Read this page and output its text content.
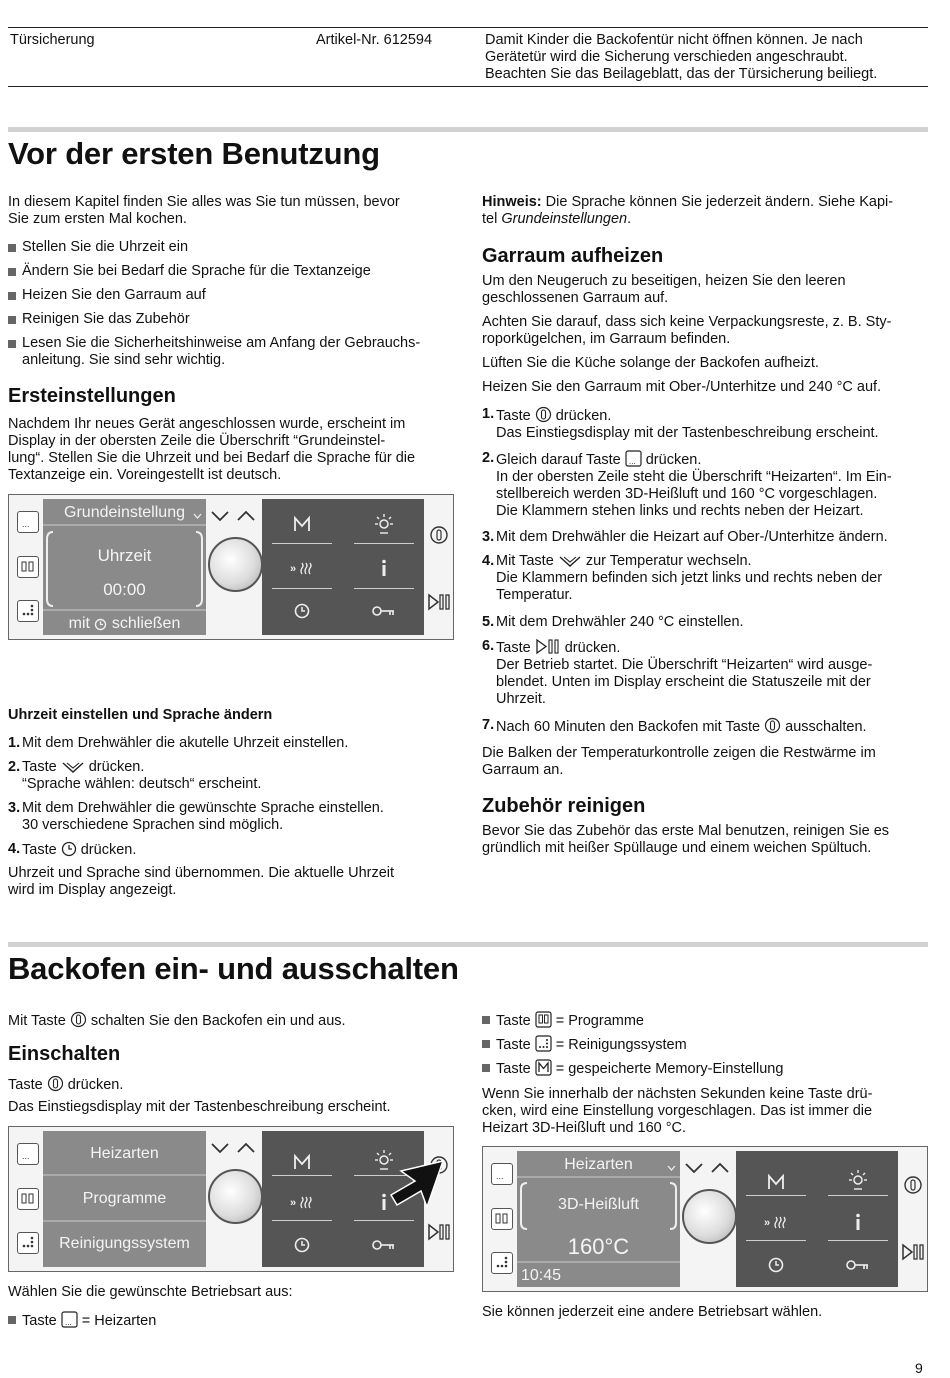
Türsicherung	Artikel-Nr. 612594	Damit Kinder die Backofentür nicht öffnen können. Je nach
Gerätetür wird die Sicherung verschieden angeschraubt.
Beachten Sie das Beilageblatt, das der Türsicherung beiliegt.
Vor der ersten Benutzung
In diesem Kapitel finden Sie alles was Sie tun müssen, bevor
Sie zum ersten Mal kochen.
Stellen Sie die Uhrzeit ein
Ändern Sie bei Bedarf die Sprache für die Textanzeige
Heizen Sie den Garraum auf
Reinigen Sie das Zubehör
Lesen Sie die Sicherheitshinweise am Anfang der Gebrauchs-
anleitung. Sie sind sehr wichtig.
Ersteinstellungen
Nachdem Ihr neues Gerät angeschlossen wurde, erscheint im
Display in der obersten Zeile die Überschrift “Grundeinstel-
lung“. Stellen Sie die Uhrzeit und bei Bedarf die Sprache für die
Textanzeige ein. Voreingestellt ist deutsch.
...
Grundeinstellung
Uhrzeit
00:00
mit schließen
»
Uhrzeit einstellen und Sprache ändern
1. Mit dem Drehwähler die akutelle Uhrzeit einstellen.
2. Taste drücken.
“Sprache wählen: deutsch“ erscheint.
3. Mit dem Drehwähler die gewünschte Sprache einstellen.
30 verschiedene Sprachen sind möglich.
4. Taste drücken.
Uhrzeit und Sprache sind übernommen. Die aktuelle Uhrzeit
wird im Display angezeigt.
Hinweis: Die Sprache können Sie jederzeit ändern. Siehe Kapi-
tel Grundeinstellungen.
Garraum aufheizen
Um den Neugeruch zu beseitigen, heizen Sie den leeren
geschlossenen Garraum auf.
Achten Sie darauf, dass sich keine Verpackungsreste, z. B. Sty-
roporkügelchen, im Garraum befinden.
Lüften Sie die Küche solange der Backofen aufheizt.
Heizen Sie den Garraum mit Ober-/Unterhitze und 240 °C auf.
1. Taste drücken.
Das Einstiegsdisplay mit der Tastenbeschreibung erscheint.
2. Gleich darauf Taste ... drücken.
In der obersten Zeile steht die Überschrift “Heizarten“. Im Ein-
stellbereich werden 3D-Heißluft und 160 °C vorgeschlagen.
Die Klammern stehen links und rechts neben der Heizart.
3. Mit dem Drehwähler die Heizart auf Ober-/Unterhitze ändern.
4. Mit Taste zur Temperatur wechseln.
Die Klammern befinden sich jetzt links und rechts neben der
Temperatur.
5. Mit dem Drehwähler 240 °C einstellen.
6. Taste drücken.
Der Betrieb startet. Die Überschrift “Heizarten“ wird ausge-
blendet. Unten im Display erscheint die Statuszeile mit der
Uhrzeit.
7. Nach 60 Minuten den Backofen mit Taste ausschalten.
Die Balken der Temperaturkontrolle zeigen die Restwärme im
Garraum an.
Zubehör reinigen
Bevor Sie das Zubehör das erste Mal benutzen, reinigen Sie es
gründlich mit heißer Spüllauge und einem weichen Spültuch.
Backofen ein- und ausschalten
Mit Taste schalten Sie den Backofen ein und aus.
Einschalten
Taste drücken.
Das Einstiegsdisplay mit der Tastenbeschreibung erscheint.
...	Heizarten
Programme
Reinigungssystem
»
Wählen Sie die gewünschte Betriebsart aus:
Taste ... = Heizarten
Taste = Programme
Taste = Reinigungssystem
Taste = gespeicherte Memory-Einstellung
Wenn Sie innerhalb der nächsten Sekunden keine Taste drü-
cken, wird eine Einstellung vorgeschlagen. Das ist immer die
Heizart 3D-Heißluft und 160 °C.
...
Heizarten
3D-Heißluft
160°C
10:45
»
Sie können jederzeit eine andere Betriebsart wählen.
9
